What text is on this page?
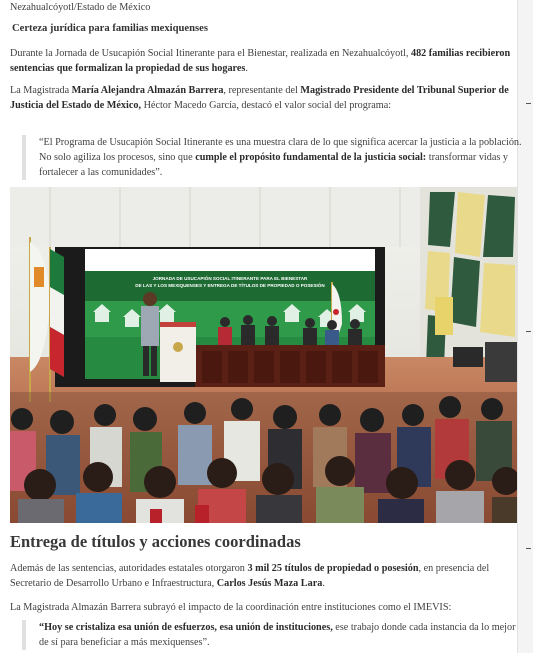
Nezahualcóyotl/Estado de México

Certeza jurídica para familias mexiquenses

Durante la Jornada de Usucapión Social Itinerante para el Bienestar, realizada en Nezahualcóyotl, 482 familias recibieron sentencias que formalizan la propiedad de sus hogares.

La Magistrada María Alejandra Almazán Barrera, representante del Magistrado Presidente del Tribunal Superior de Justicia del Estado de México, Héctor Macedo García, destacó el valor social del programa:

“El Programa de Usucapión Social Itinerante es una muestra clara de lo que significa acercar la justicia a la población. No solo agiliza los procesos, sino que cumple el propósito fundamental de la justicia social: transformar vidas y fortalecer a las comunidades”.
JORNADA DE USUCAPIÓN SOCIAL ITINERANTE PARA EL BIENESTAR
DE LAS Y LOS MEXIQUENSES Y ENTREGA DE TÍTULOS DE PROPIEDAD O POSESIÓN
Entrega de títulos y acciones coordinadas

Además de las sentencias, autoridades estatales otorgaron 3 mil 25 títulos de propiedad o posesión, en presencia del Secretario de Desarrollo Urbano e Infraestructura, Carlos Jesús Maza Lara.

La Magistrada Almazán Barrera subrayó el impacto de la coordinación entre instituciones como el IMEVIS:

“Hoy se cristaliza esa unión de esfuerzos, esa unión de instituciones, ese trabajo donde cada instancia da lo mejor de sí para beneficiar a más mexiquenses”.
